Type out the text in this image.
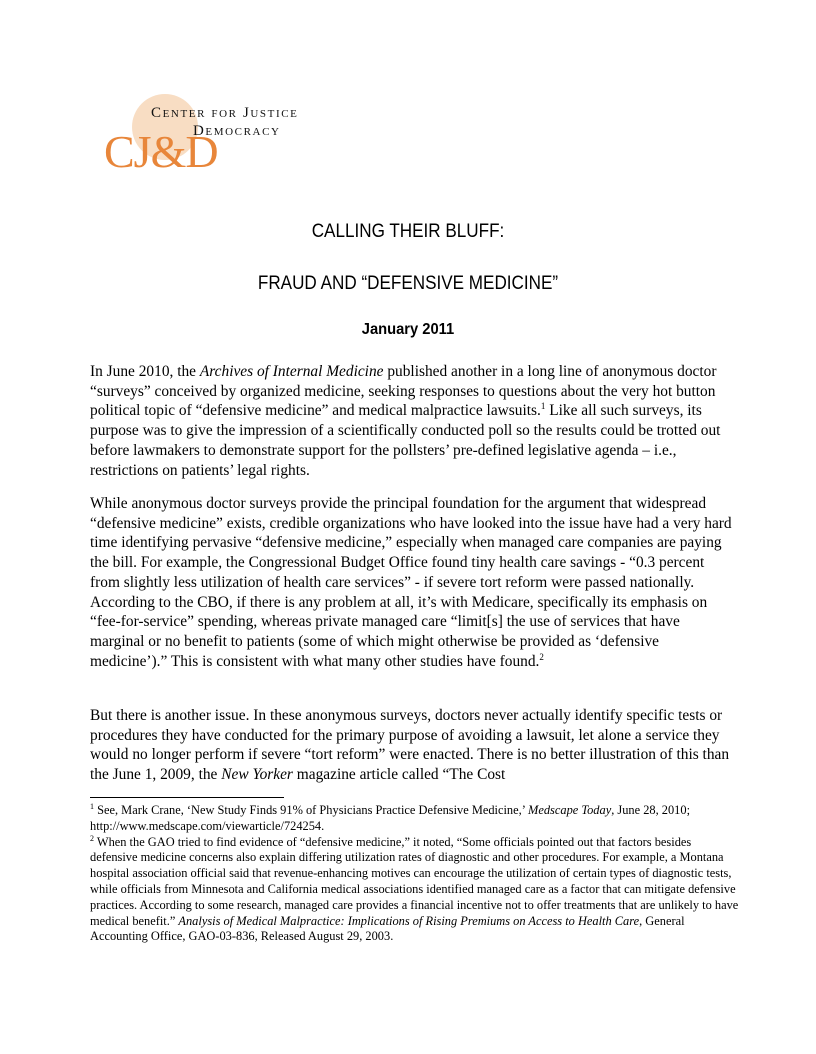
Center for Justice
Democracy
CJ&D
CALLING THEIR BLUFF:
FRAUD AND “DEFENSIVE MEDICINE”
January 2011
In June 2010, the Archives of Internal Medicine published another in a long line of anonymous doctor “surveys” conceived by organized medicine, seeking responses to questions about the very hot button political topic of “defensive medicine” and medical malpractice lawsuits.$^1$ Like all such surveys, its purpose was to give the impression of a scientifically conducted poll so the results could be trotted out before lawmakers to demonstrate support for the pollsters’ pre-defined legislative agenda – i.e., restrictions on patients’ legal rights.
While anonymous doctor surveys provide the principal foundation for the argument that widespread “defensive medicine” exists, credible organizations who have looked into the issue have had a very hard time identifying pervasive “defensive medicine,” especially when managed care companies are paying the bill. For example, the Congressional Budget Office found tiny health care savings - “0.3 percent from slightly less utilization of health care services” - if severe tort reform were passed nationally. According to the CBO, if there is any problem at all, it’s with Medicare, specifically its emphasis on “fee-for-service” spending, whereas private managed care “limit[s] the use of services that have marginal or no benefit to patients (some of which might otherwise be provided as ‘defensive medicine’).” This is consistent with what many other studies have found.$^2$
But there is another issue. In these anonymous surveys, doctors never actually identify specific tests or procedures they have conducted for the primary purpose of avoiding a lawsuit, let alone a service they would no longer perform if severe “tort reform” were enacted. There is no better illustration of this than the June 1, 2009, the New Yorker magazine article called “The Cost
$^1$ See, Mark Crane, ‘New Study Finds 91% of Physicians Practice Defensive Medicine,’ Medscape Today, June 28, 2010; http://www.medscape.com/viewarticle/724254.
$^2$ When the GAO tried to find evidence of “defensive medicine,” it noted, “Some officials pointed out that factors besides defensive medicine concerns also explain differing utilization rates of diagnostic and other procedures. For example, a Montana hospital association official said that revenue-enhancing motives can encourage the utilization of certain types of diagnostic tests, while officials from Minnesota and California medical associations identified managed care as a factor that can mitigate defensive practices. According to some research, managed care provides a financial incentive not to offer treatments that are unlikely to have medical benefit.” Analysis of Medical Malpractice: Implications of Rising Premiums on Access to Health Care, General Accounting Office, GAO-03-836, Released August 29, 2003.
